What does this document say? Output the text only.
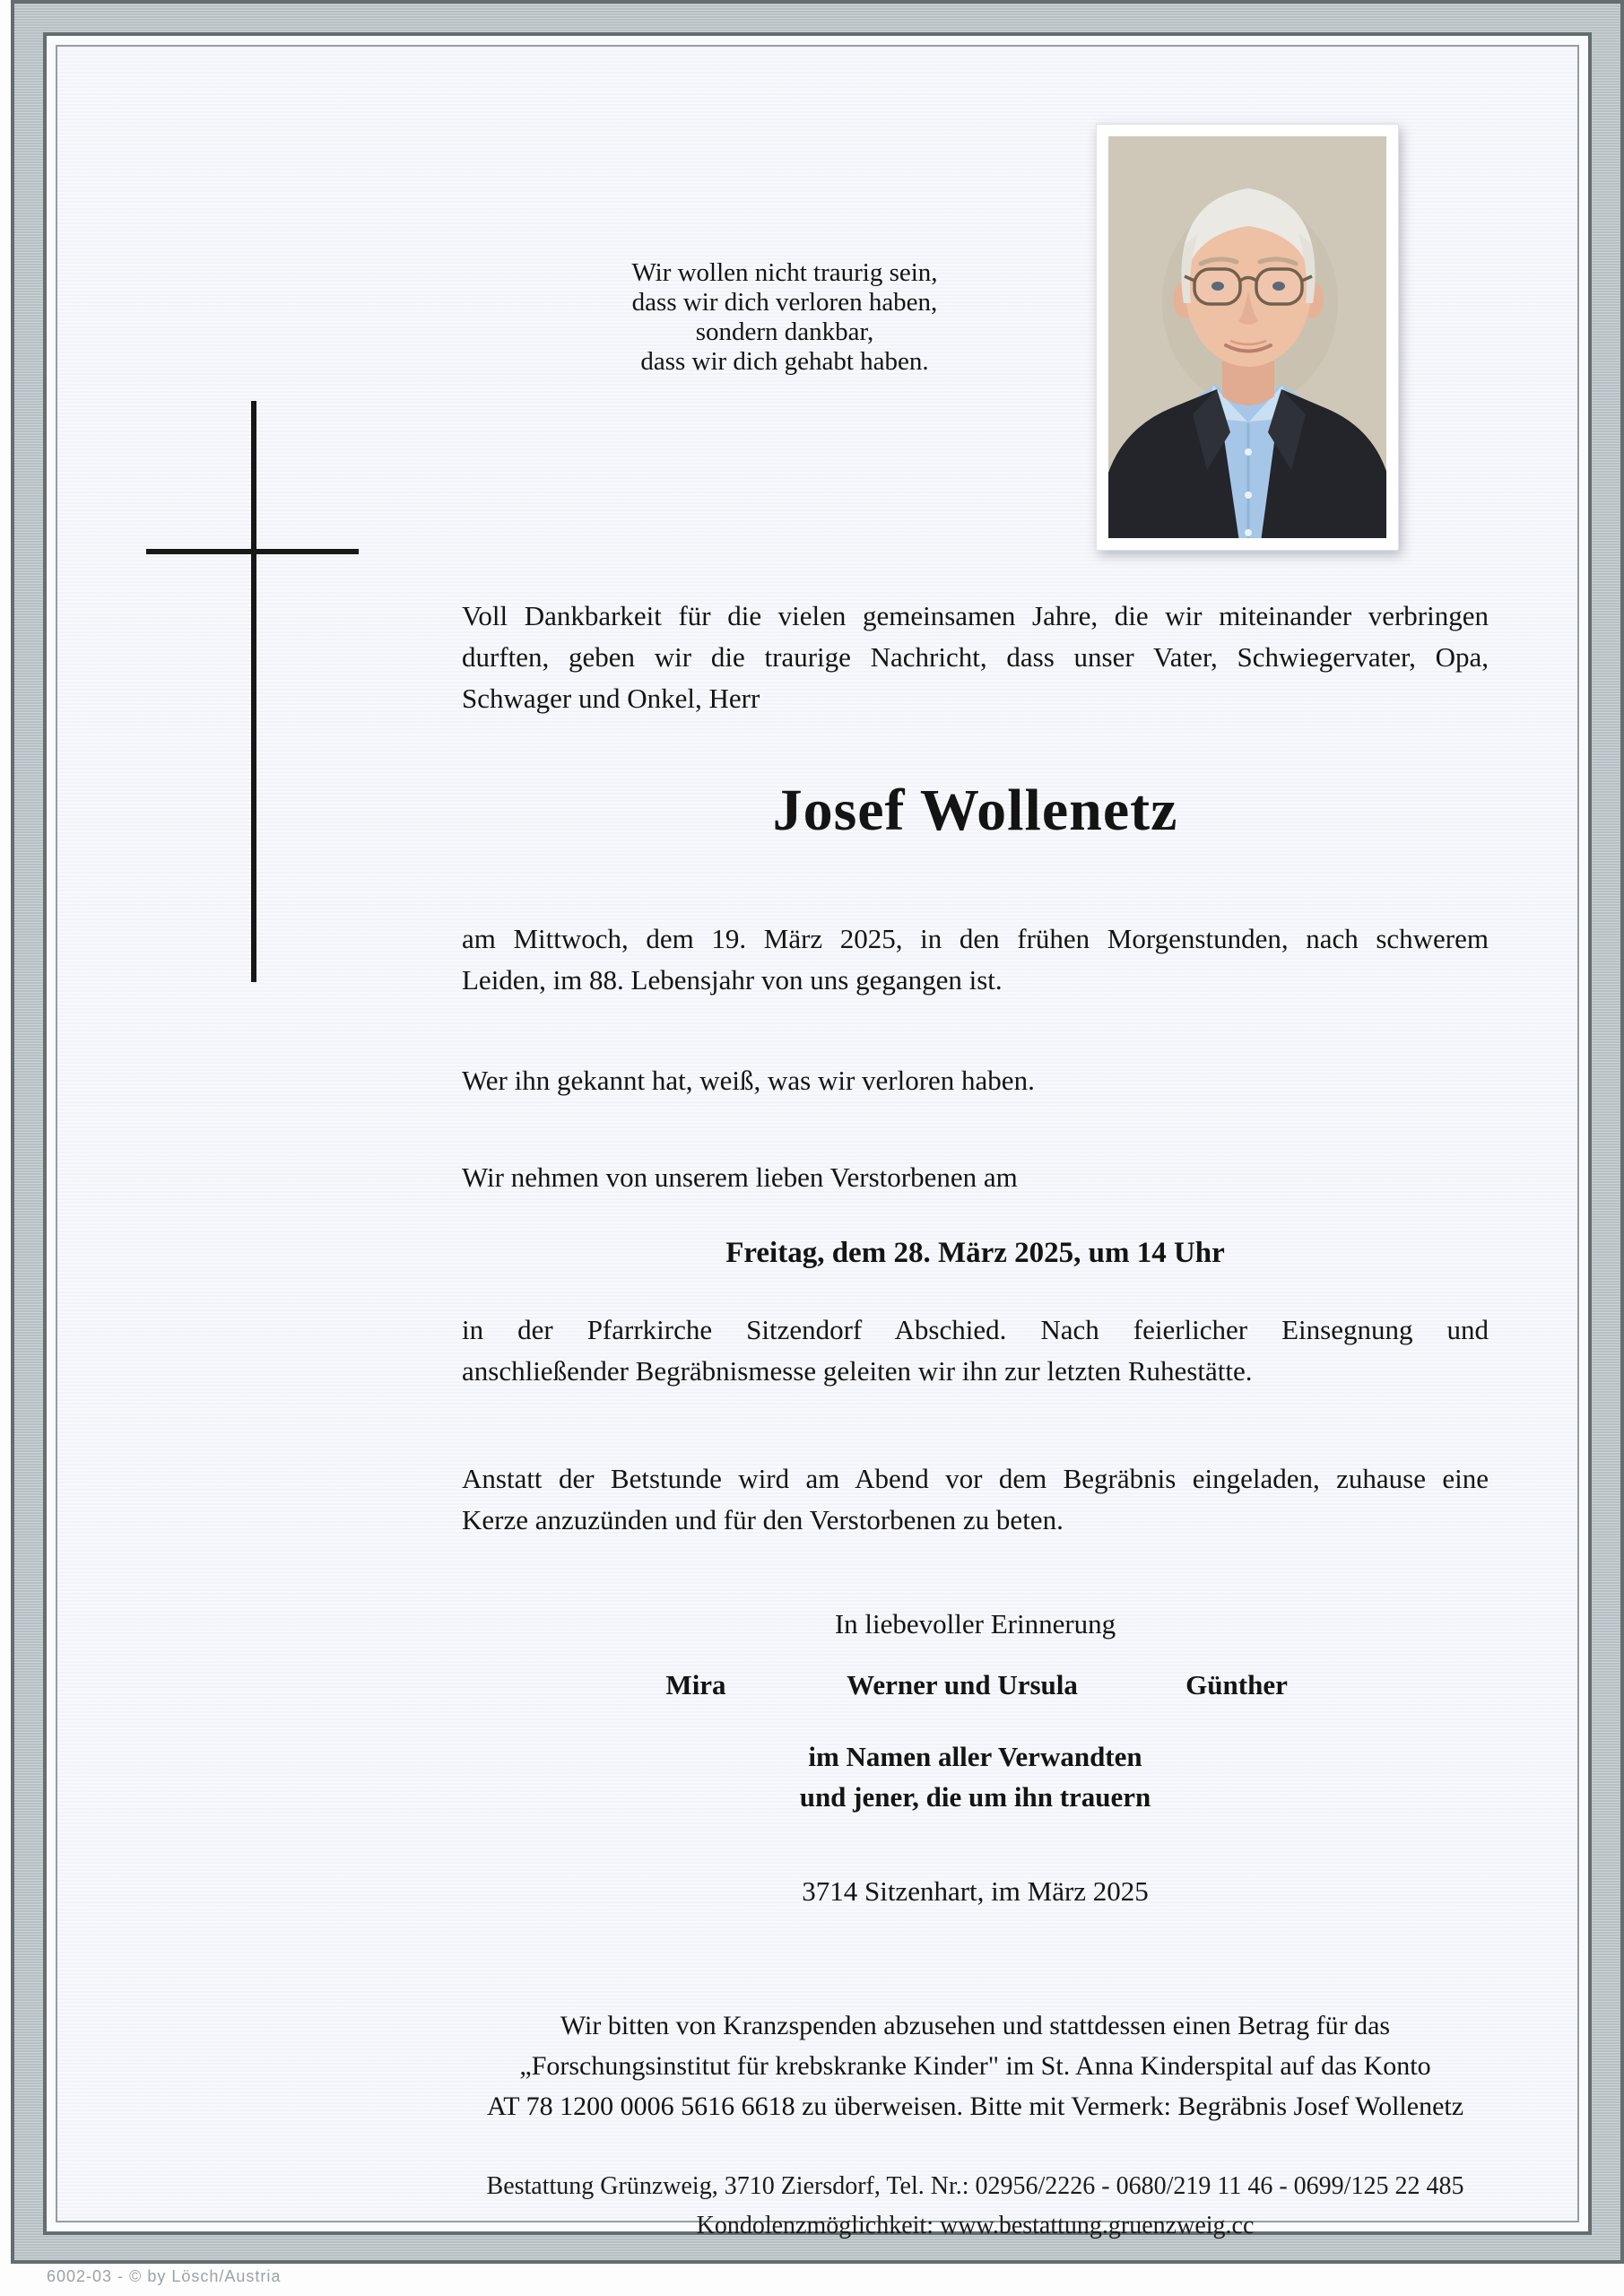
Wir wollen nicht traurig sein,
dass wir dich verloren haben,
sondern dankbar,
dass wir dich gehabt haben.
Voll Dankbarkeit für die vielen gemeinsamen Jahre, die wir miteinander verbringen
durften, geben wir die traurige Nachricht, dass unser Vater, Schwiegervater, Opa,
Schwager und Onkel, Herr
Josef Wollenetz
am Mittwoch, dem 19. März 2025, in den frühen Morgenstunden, nach schwerem
Leiden, im 88. Lebensjahr von uns gegangen ist.
Wer ihn gekannt hat, weiß, was wir verloren haben.
Wir nehmen von unserem lieben Verstorbenen am
Freitag, dem 28. März 2025, um 14 Uhr
in der Pfarrkirche Sitzendorf Abschied. Nach feierlicher Einsegnung und
anschließender Begräbnismesse geleiten wir ihn zur letzten Ruhestätte.
Anstatt der Betstunde wird am Abend vor dem Begräbnis eingeladen, zuhause eine
Kerze anzuzünden und für den Verstorbenen zu beten.
In liebevoller Erinnerung
Mira	Werner und Ursula	Günther
im Namen aller Verwandten
und jener, die um ihn trauern
3714 Sitzenhart, im März 2025
Wir bitten von Kranzspenden abzusehen und stattdessen einen Betrag für das
„Forschungsinstitut für krebskranke Kinder" im St. Anna Kinderspital auf das Konto
AT 78 1200 0006 5616 6618 zu überweisen. Bitte mit Vermerk: Begräbnis Josef Wollenetz
Bestattung Grünzweig, 3710 Ziersdorf, Tel. Nr.: 02956/2226 - 0680/219 11 46 - 0699/125 22 485
Kondolenzmöglichkeit: www.bestattung.gruenzweig.cc
6002-03 - © by Lösch/Austria
